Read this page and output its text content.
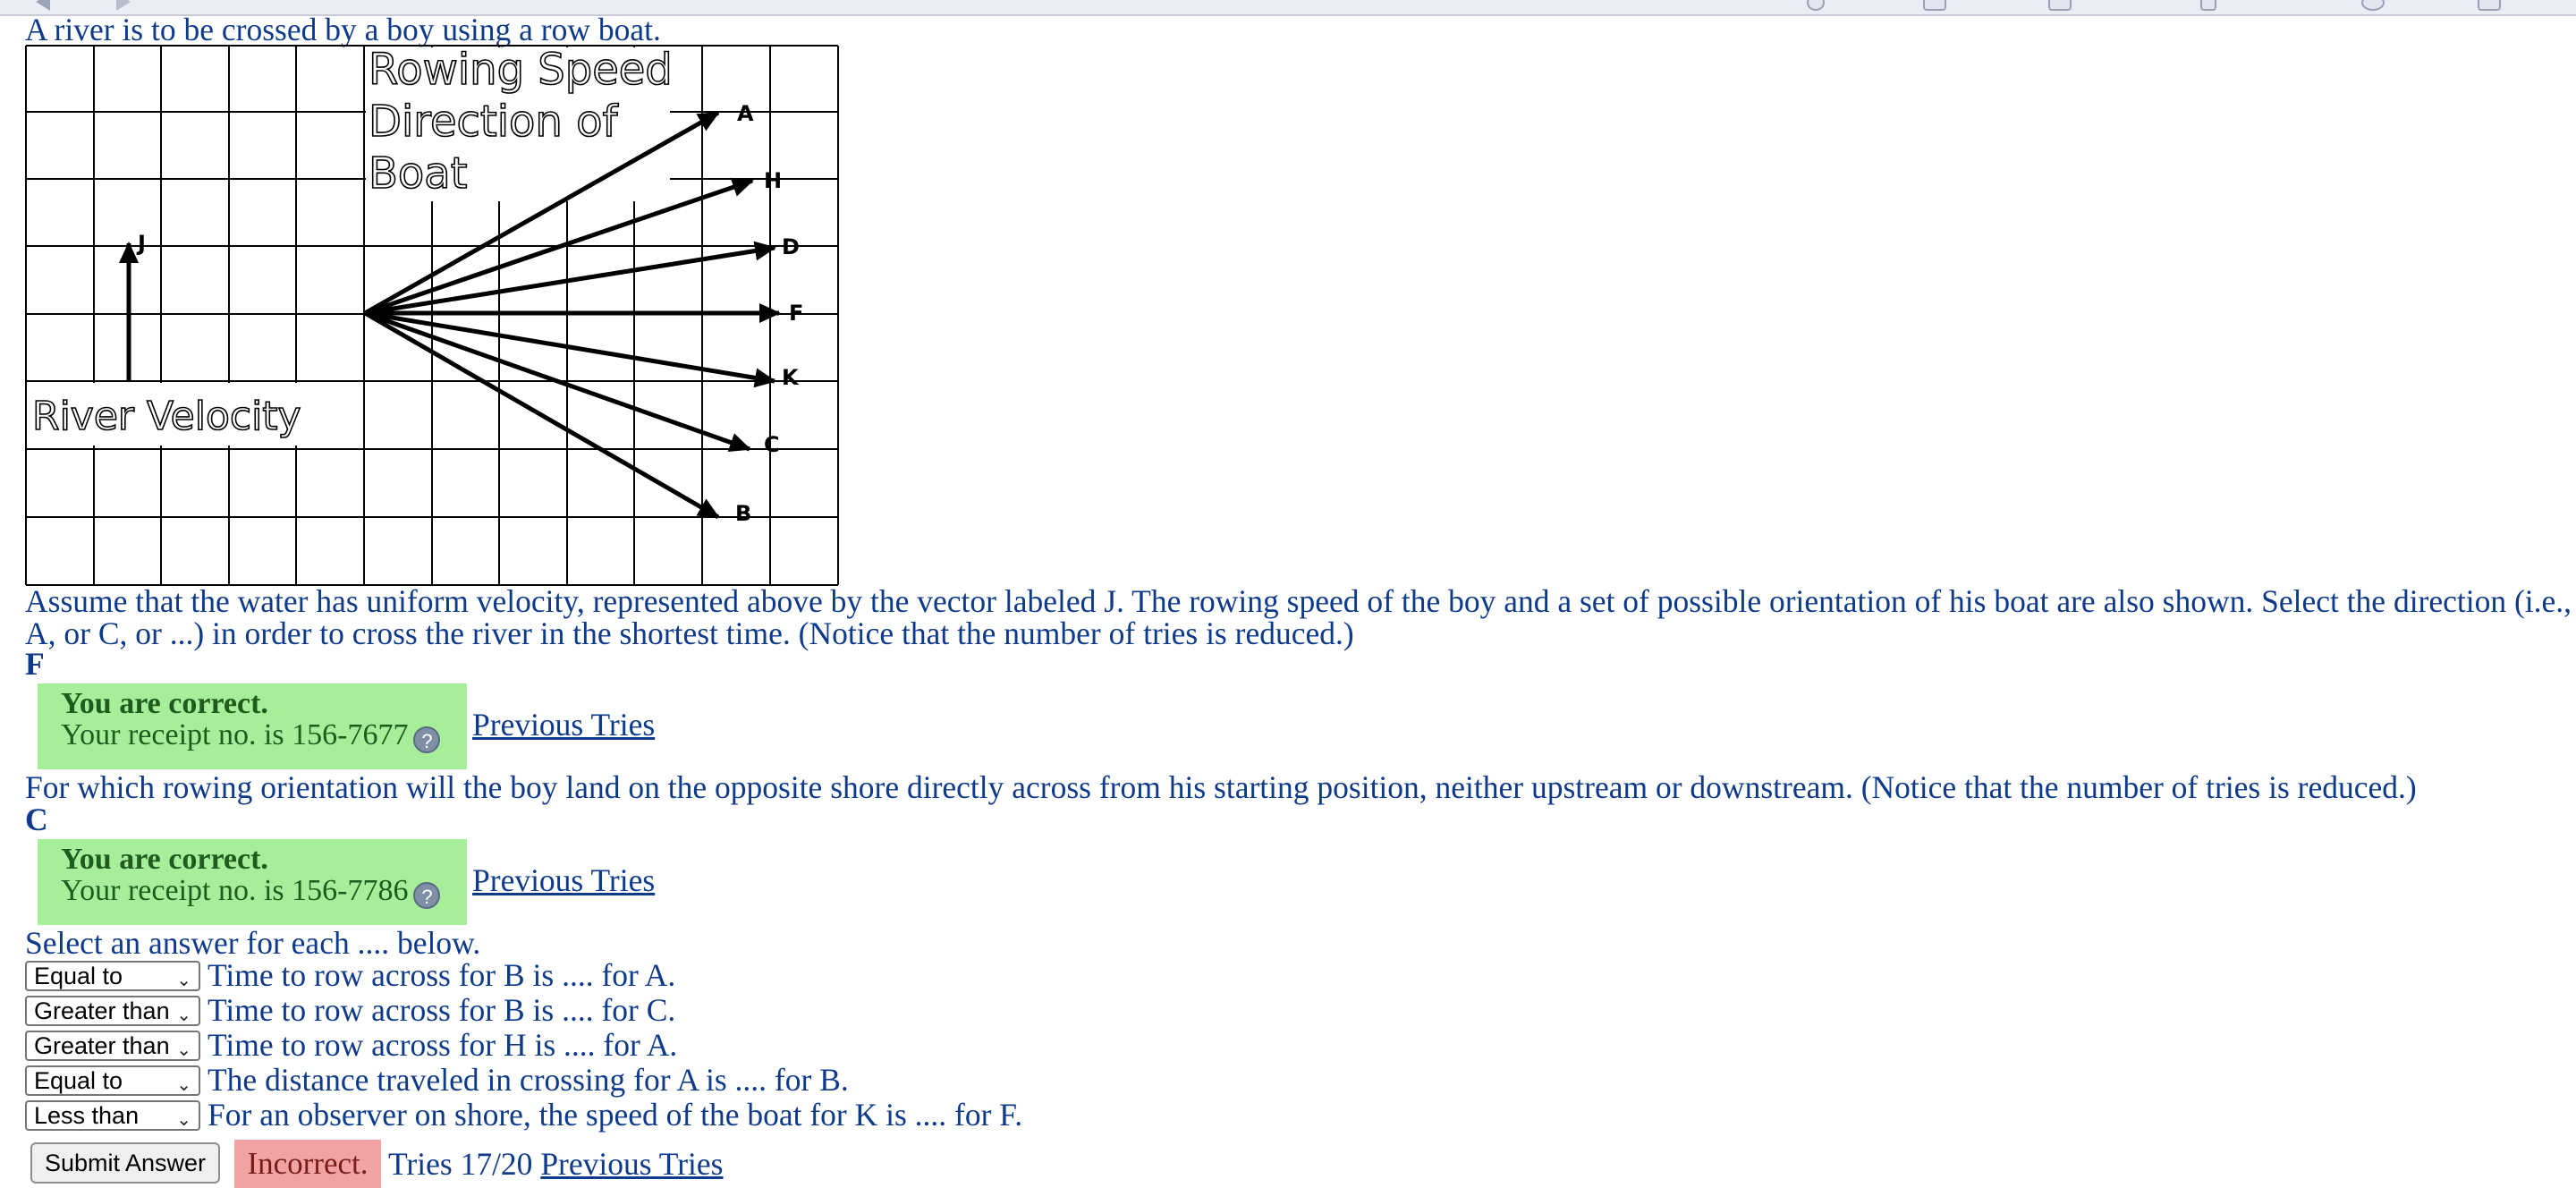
A river is to be crossed by a boy using a row boat.
Rowing Speed
Direction of
Boat
River Velocity
A
H
D
F
K
C
B
J
Assume that the water has uniform velocity, represented above by the vector labeled J. The rowing speed of the boy and a set of possible orientation of his boat are also shown. Select the direction (i.e., A, or C, or ...) in order to cross the river in the shortest time. (Notice that the number of tries is reduced.)
F
You are correct.
Your receipt no. is 156-7677 ?	Previous Tries
For which rowing orientation will the boy land on the opposite shore directly across from his starting position, neither upstream or downstream. (Notice that the number of tries is reduced.)
C
You are correct.
Your receipt no. is 156-7786 ?	Previous Tries
Select an answer for each .... below.
Equal to	⌄ Time to row across for B is .... for A.
Greater than ⌄ Time to row across for B is .... for C.
Greater than ⌄ Time to row across for H is .... for A.
Equal to	⌄ The distance traveled in crossing for A is .... for B.
Less than ⌄ For an observer on shore, the speed of the boat for K is .... for F.
Submit Answer	Incorrect. Tries 17/20 Previous Tries
